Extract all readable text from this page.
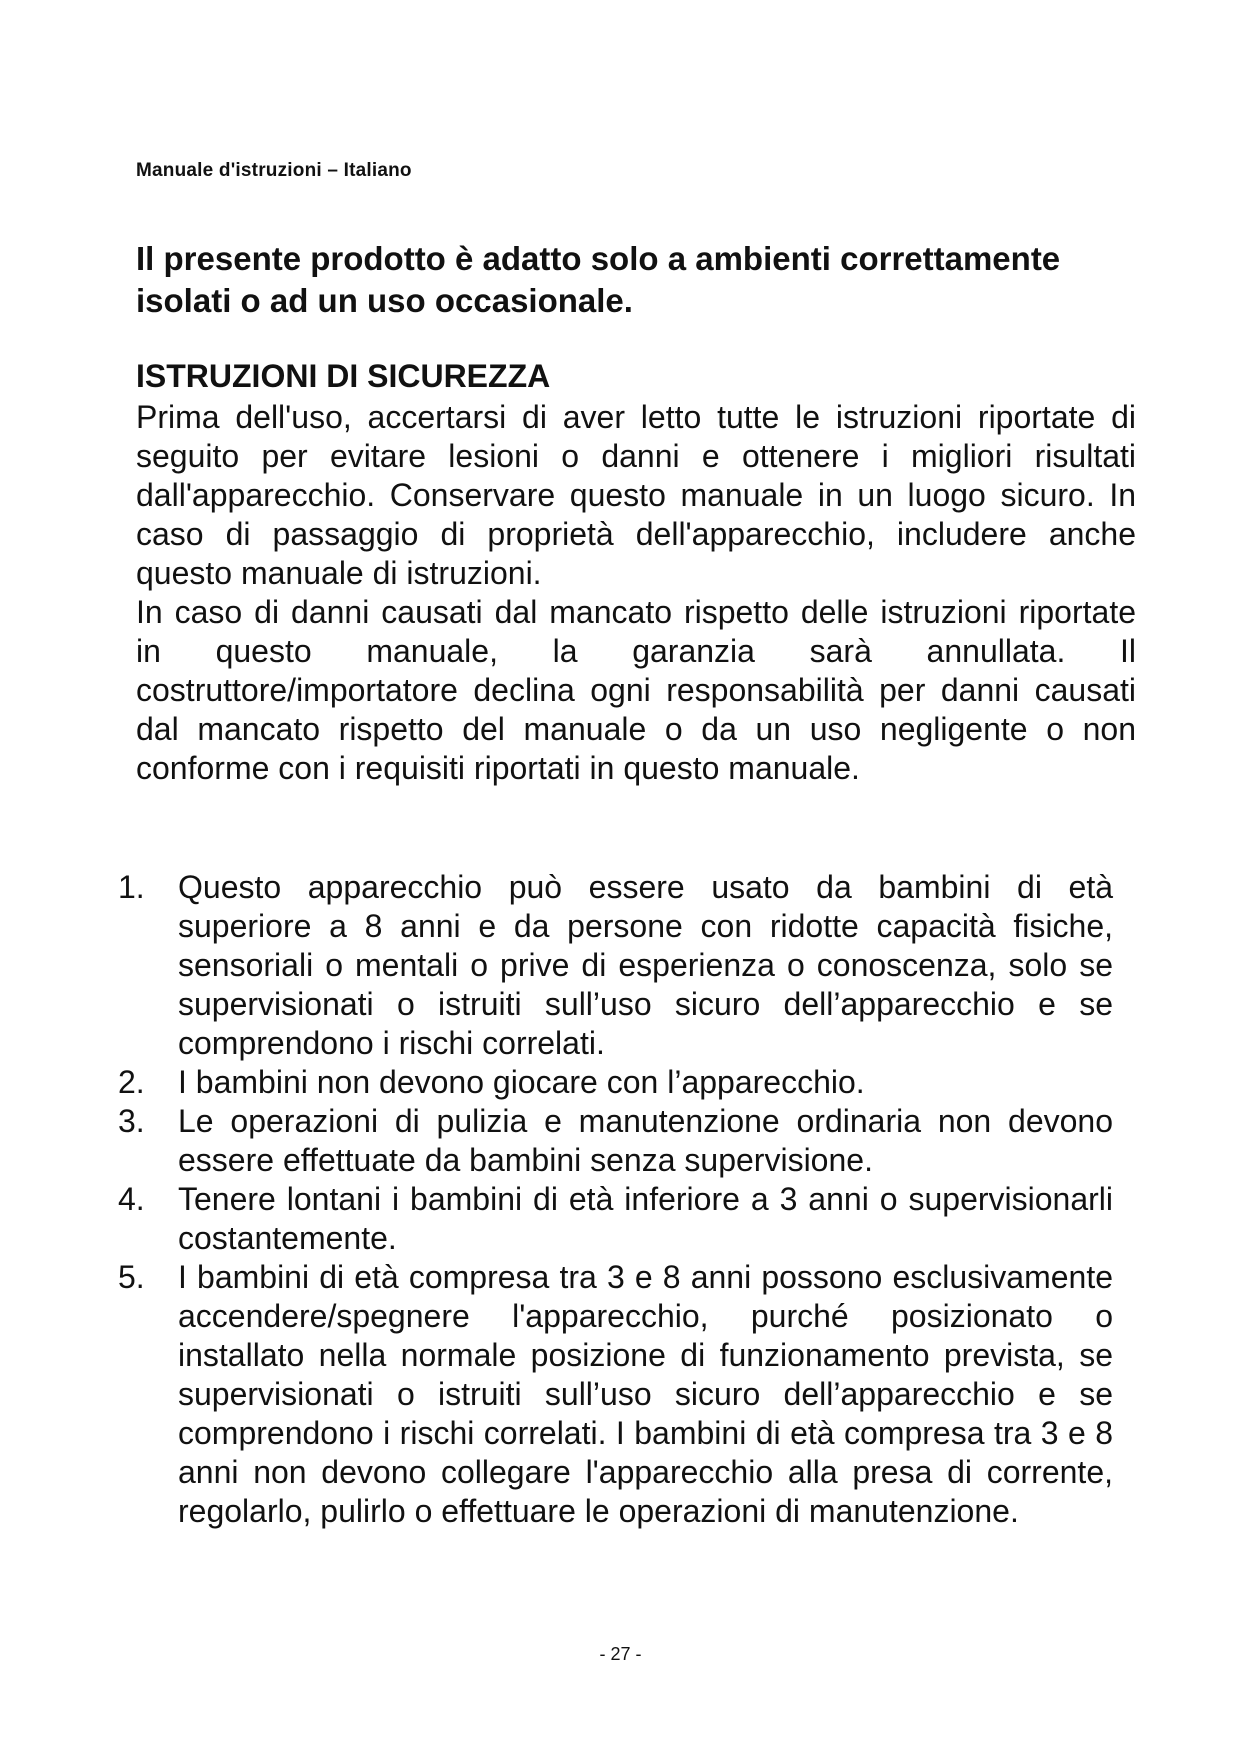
Manuale d'istruzioni – Italiano
Il presente prodotto è adatto solo a ambienti correttamente isolati o ad un uso occasionale.
ISTRUZIONI DI SICUREZZA

Prima dell'uso, accertarsi di aver letto tutte le istruzioni riportate di seguito per evitare lesioni o danni e ottenere i migliori risultati dall'apparecchio. Conservare questo manuale in un luogo sicuro. In caso di passaggio di proprietà dell'apparecchio, includere anche questo manuale di istruzioni.

In caso di danni causati dal mancato rispetto delle istruzioni riportate in questo manuale, la garanzia sarà annullata. Il costruttore/importatore declina ogni responsabilità per danni causati dal mancato rispetto del manuale o da un uso negligente o non conforme con i requisiti riportati in questo manuale.

1.	Questo apparecchio può essere usato da bambini di età superiore a 8 anni e da persone con ridotte capacità fisiche, sensoriali o mentali o prive di esperienza o conoscenza, solo se supervisionati o istruiti sull’uso sicuro dell’apparecchio e se comprendono i rischi correlati.
2.	I bambini non devono giocare con l’apparecchio.
3.	Le operazioni di pulizia e manutenzione ordinaria non devono essere effettuate da bambini senza supervisione.
4.	Tenere lontani i bambini di età inferiore a 3 anni o supervisionarli costantemente.
5.	I bambini di età compresa tra 3 e 8 anni possono esclusivamente accendere/spegnere l'apparecchio, purché posizionato o installato nella normale posizione di funzionamento prevista, se supervisionati o istruiti sull’uso sicuro dell’apparecchio e se comprendono i rischi correlati. I bambini di età compresa tra 3 e 8 anni non devono collegare l'apparecchio alla presa di corrente, regolarlo, pulirlo o effettuare le operazioni di manutenzione.
- 27 -
